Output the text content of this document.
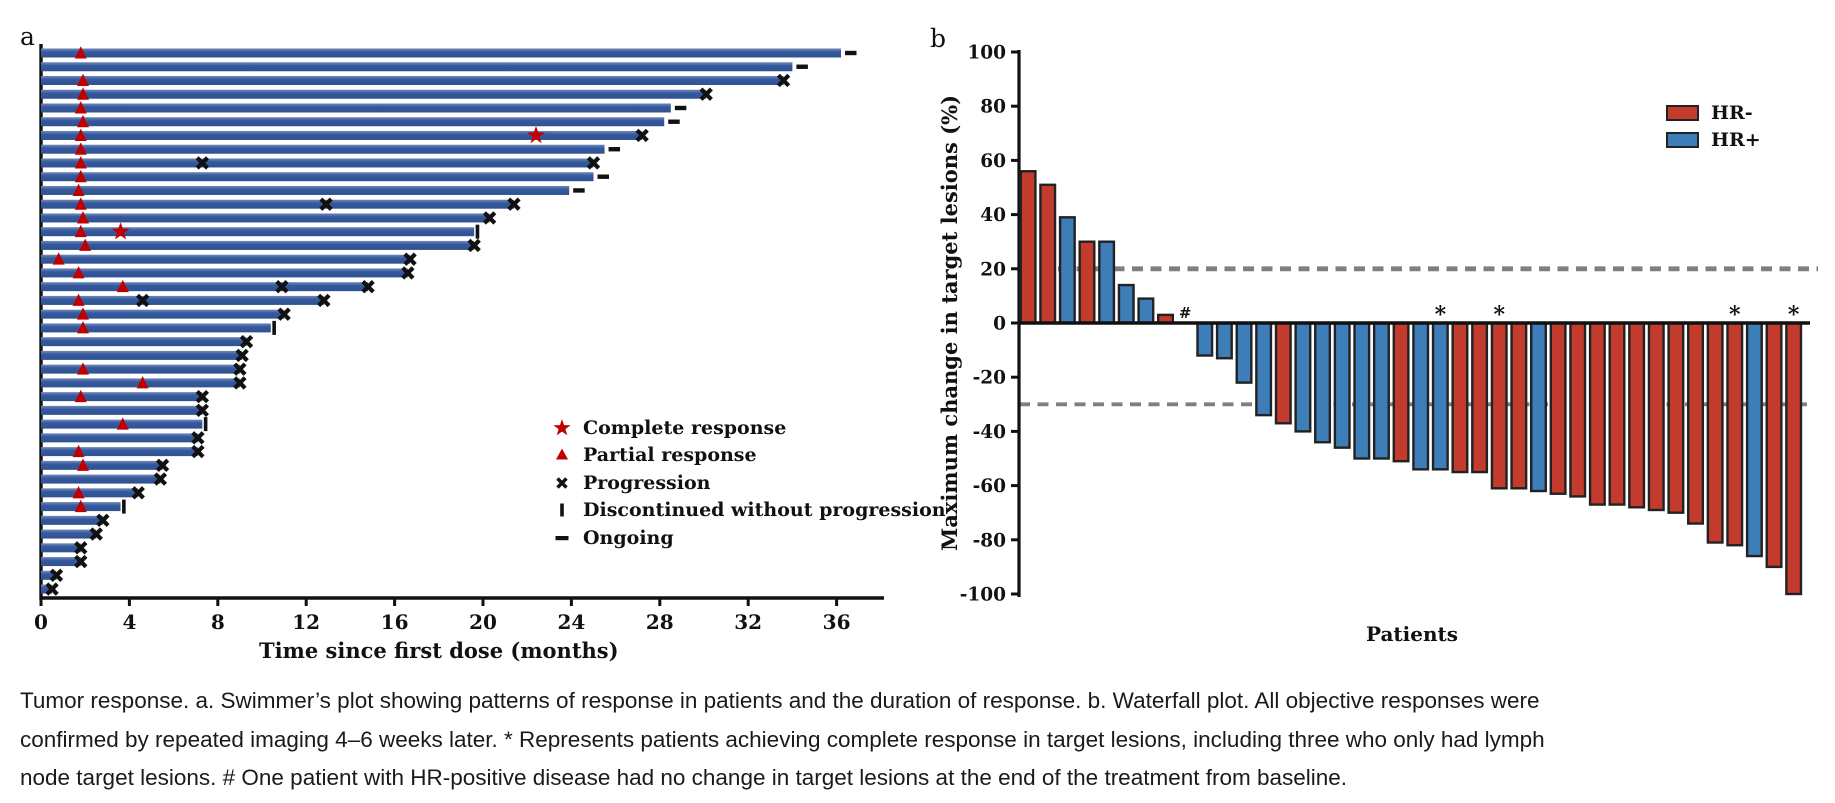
0	4	8	12	16	20	24	28	32	36
Time since first dose (months)
100
80
60
40
20
0
-20
-40
-60
-80
-100
Maximum change in target lesions (%)	#	* *	* *
Patients
a	b
Complete response
Partial response
Progression
Discontinued without progression
Ongoing
HR-
HR+
Tumor response. a. Swimmer’s plot showing patterns of response in patients and the duration of response. b. Waterfall plot. All objective responses were
confirmed by repeated imaging 4–6 weeks later. * Represents patients achieving complete response in target lesions, including three who only had lymph
node target lesions. # One patient with HR-positive disease had no change in target lesions at the end of the treatment from baseline.
